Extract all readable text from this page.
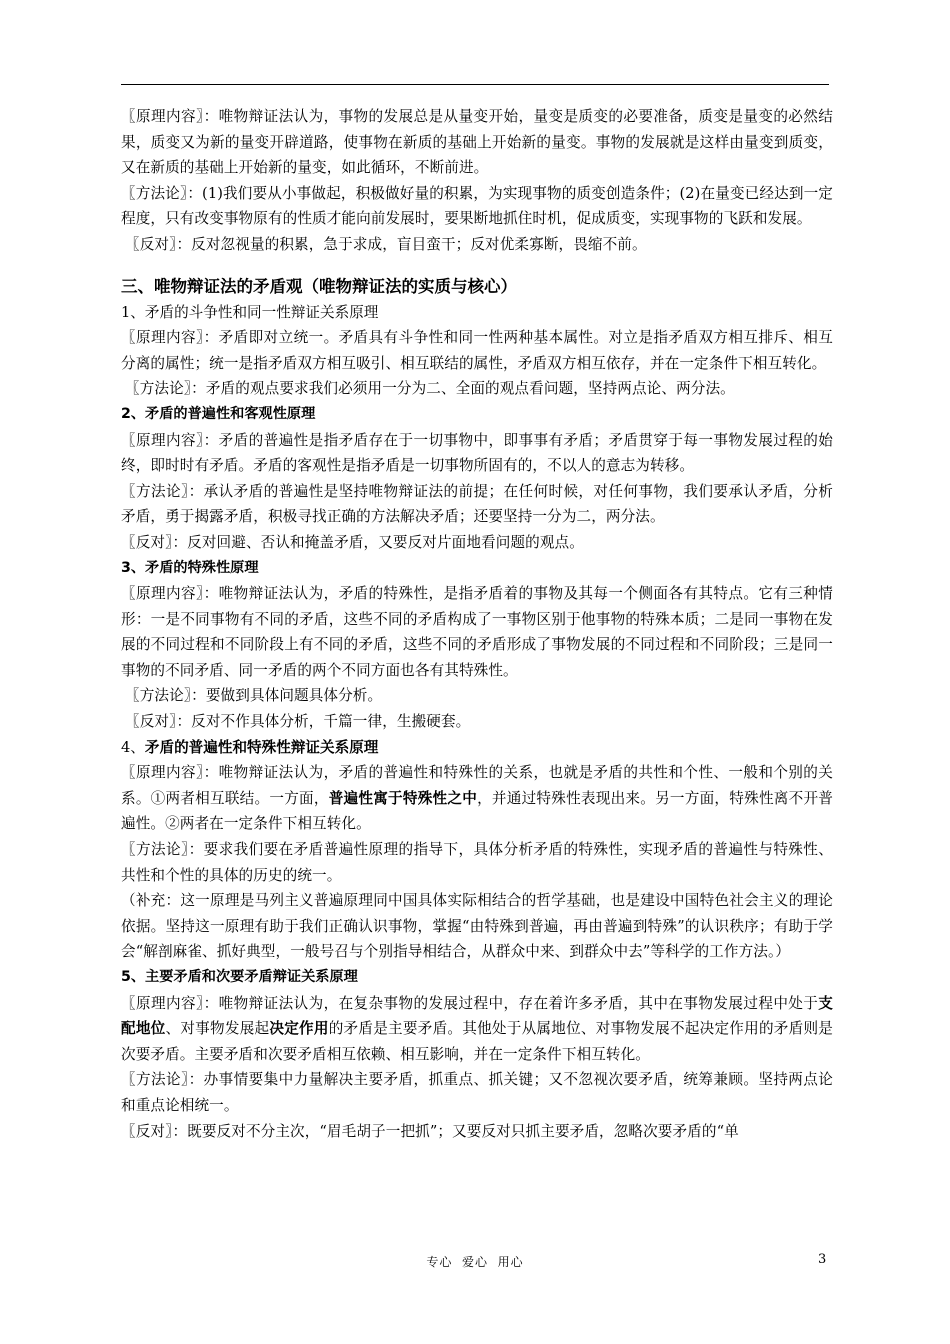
〖原理内容〗：唯物辩证法认为，事物的发展总是从量变开始，量变是质变的必要准备，质变是量变的必然结果，质变又为新的量变开辟道路，使事物在新质的基础上开始新的量变。事物的发展就是这样由量变到质变，又在新质的基础上开始新的量变，如此循环，不断前进。

〖方法论〗：(1)我们要从小事做起，积极做好量的积累，为实现事物的质变创造条件；(2)在量变已经达到一定程度，只有改变事物原有的性质才能向前发展时，要果断地抓住时机，促成质变，实现事物的飞跃和发展。

〖反对〗：反对忽视量的积累，急于求成，盲目蛮干；反对优柔寡断，畏缩不前。

三、唯物辩证法的矛盾观（唯物辩证法的实质与核心）

1、矛盾的斗争性和同一性辩证关系原理

〖原理内容〗：矛盾即对立统一。矛盾具有斗争性和同一性两种基本属性。对立是指矛盾双方相互排斥、相互分离的属性；统一是指矛盾双方相互吸引、相互联结的属性，矛盾双方相互依存，并在一定条件下相互转化。

〖方法论〗：矛盾的观点要求我们必须用一分为二、全面的观点看问题，坚持两点论、两分法。

2、矛盾的普遍性和客观性原理

〖原理内容〗：矛盾的普遍性是指矛盾存在于一切事物中，即事事有矛盾；矛盾贯穿于每一事物发展过程的始终，即时时有矛盾。矛盾的客观性是指矛盾是一切事物所固有的，不以人的意志为转移。

〖方法论〗：承认矛盾的普遍性是坚持唯物辩证法的前提；在任何时候，对任何事物，我们要承认矛盾，分析矛盾，勇于揭露矛盾，积极寻找正确的方法解决矛盾；还要坚持一分为二，两分法。

〖反对〗：反对回避、否认和掩盖矛盾，又要反对片面地看问题的观点。

3、矛盾的特殊性原理

〖原理内容〗：唯物辩证法认为，矛盾的特殊性，是指矛盾着的事物及其每一个侧面各有其特点。它有三种情形：一是不同事物有不同的矛盾，这些不同的矛盾构成了一事物区别于他事物的特殊本质；二是同一事物在发展的不同过程和不同阶段上有不同的矛盾，这些不同的矛盾形成了事物发展的不同过程和不同阶段；三是同一事物的不同矛盾、同一矛盾的两个不同方面也各有其特殊性。

〖方法论〗：要做到具体问题具体分析。

〖反对〗：反对不作具体分析，千篇一律，生搬硬套。

4、矛盾的普遍性和特殊性辩证关系原理

〖原理内容〗：唯物辩证法认为，矛盾的普遍性和特殊性的关系，也就是矛盾的共性和个性、一般和个别的关系。①两者相互联结。一方面，普遍性寓于特殊性之中，并通过特殊性表现出来。另一方面，特殊性离不开普遍性。②两者在一定条件下相互转化。

〖方法论〗：要求我们要在矛盾普遍性原理的指导下，具体分析矛盾的特殊性，实现矛盾的普遍性与特殊性、共性和个性的具体的历史的统一。

（补充：这一原理是马列主义普遍原理同中国具体实际相结合的哲学基础，也是建设中国特色社会主义的理论依据。坚持这一原理有助于我们正确认识事物，掌握“由特殊到普遍，再由普遍到特殊”的认识秩序；有助于学会“解剖麻雀、抓好典型，一般号召与个别指导相结合，从群众中来、到群众中去”等科学的工作方法。）

5、主要矛盾和次要矛盾辩证关系原理

〖原理内容〗：唯物辩证法认为，在复杂事物的发展过程中，存在着许多矛盾，其中在事物发展过程中处于支配地位、对事物发展起决定作用的矛盾是主要矛盾。其他处于从属地位、对事物发展不起决定作用的矛盾则是次要矛盾。主要矛盾和次要矛盾相互依赖、相互影响，并在一定条件下相互转化。

〖方法论〗：办事情要集中力量解决主要矛盾，抓重点、抓关键；又不忽视次要矛盾，统筹兼顾。坚持两点论和重点论相统一。

〖反对〗：既要反对不分主次，“眉毛胡子一把抓”；又要反对只抓主要矛盾，忽略次要矛盾的“单

专心  爱心  用心	3
